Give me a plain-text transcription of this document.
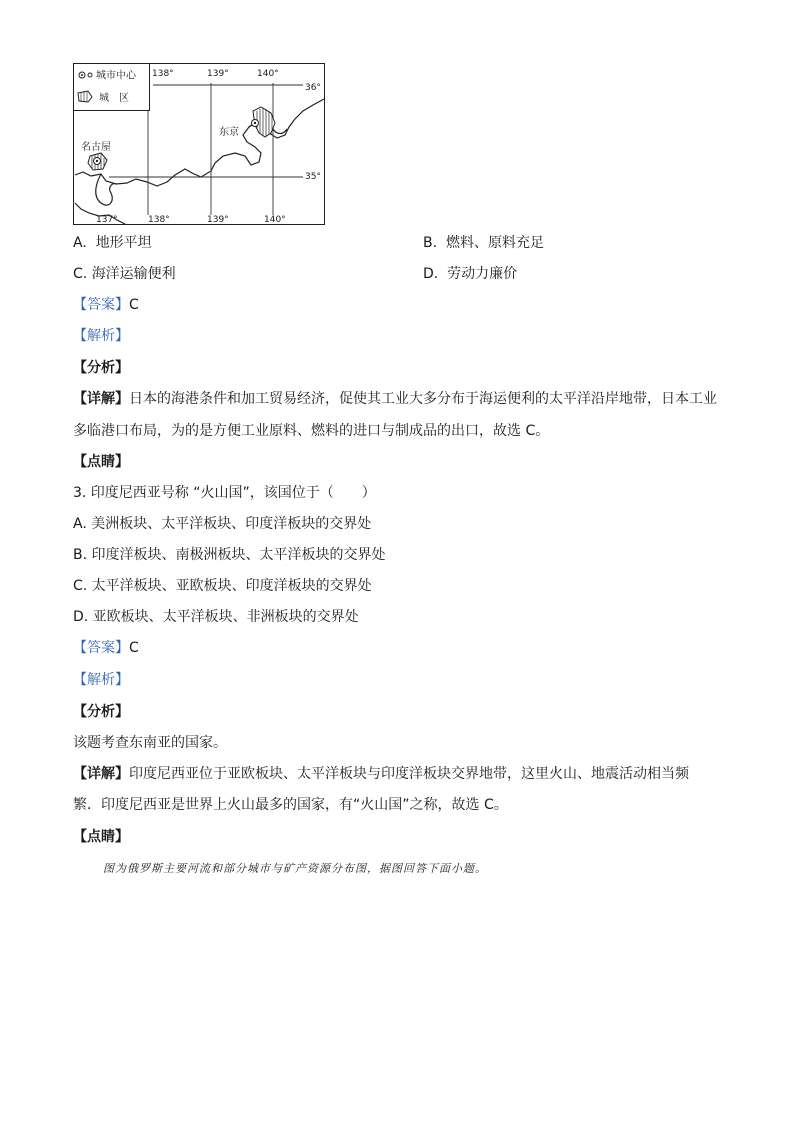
城市中心
城　区
东京
名古屋
138°	139°	140°
36°
35°
137°	138°	139°	140°
A. 地形平坦	B. 燃料、原料充足
C. 海洋运输便利	D. 劳动力廉价
【答案】C
【解析】
【分析】
【详解】日本的海港条件和加工贸易经济，促使其工业大多分布于海运便利的太平洋沿岸地带，日本工业
多临港口布局，为的是方便工业原料、燃料的进口与制成品的出口，故选 C。
【点睛】
3. 印度尼西亚号称 “火山国”，该国位于（　　）
A. 美洲板块、太平洋板块、印度洋板块的交界处
B. 印度洋板块、南极洲板块、太平洋板块的交界处
C. 太平洋板块、亚欧板块、印度洋板块的交界处
D. 亚欧板块、太平洋板块、非洲板块的交界处
【答案】C
【解析】
【分析】
该题考查东南亚的国家。
【详解】印度尼西亚位于亚欧板块、太平洋板块与印度洋板块交界地带，这里火山、地震活动相当频
繁．印度尼西亚是世界上火山最多的国家，有“火山国”之称，故选 C。
【点睛】
图为俄罗斯主要河流和部分城市与矿产资源分布图，据图回答下面小题。
